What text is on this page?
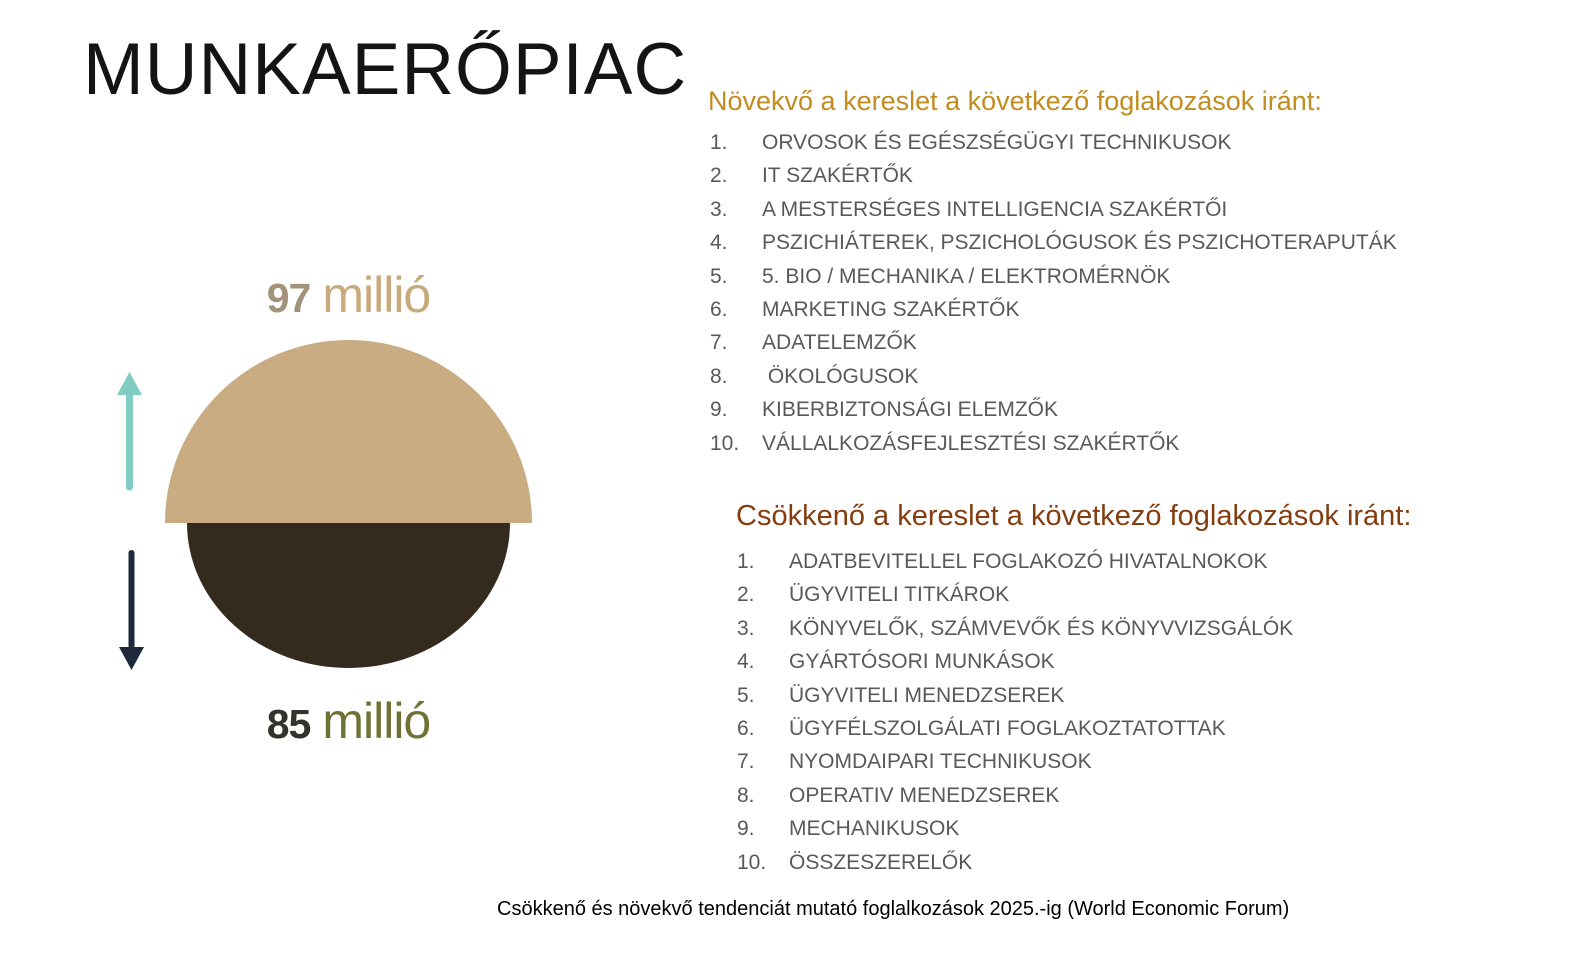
MUNKAERŐPIAC
97 millió
85 millió
Növekvő a kereslet a következő foglakozások iránt:
1.	ORVOSOK ÉS EGÉSZSÉGÜGYI TECHNIKUSOK
2.	IT SZAKÉRTŐK
3.	A MESTERSÉGES INTELLIGENCIA SZAKÉRTŐI
4.	PSZICHIÁTEREK, PSZICHOLÓGUSOK ÉS PSZICHOTERAPUTÁK
5.	5. BIO / MECHANIKA / ELEKTROMÉRNÖK
6.	MARKETING SZAKÉRTŐK
7.	ADATELEMZŐK
8.	ÖKOLÓGUSOK
9.	KIBERBIZTONSÁGI ELEMZŐK
10.	VÁLLALKOZÁSFEJLESZTÉSI SZAKÉRTŐK
Csökkenő a kereslet a következő foglakozások iránt:
1.	ADATBEVITELLEL FOGLAKOZÓ HIVATALNOKOK
2.	ÜGYVITELI TITKÁROK
3.	KÖNYVELŐK, SZÁMVEVŐK ÉS KÖNYVVIZSGÁLÓK
4.	GYÁRTÓSORI MUNKÁSOK
5.	ÜGYVITELI MENEDZSEREK
6.	ÜGYFÉLSZOLGÁLATI FOGLAKOZTATOTTAK
7.	NYOMDAIPARI TECHNIKUSOK
8.	OPERATIV MENEDZSEREK
9.	MECHANIKUSOK
10.	ÖSSZESZERELŐK
Csökkenő és növekvő tendenciát mutató foglalkozások 2025.-ig (World Economic Forum)
